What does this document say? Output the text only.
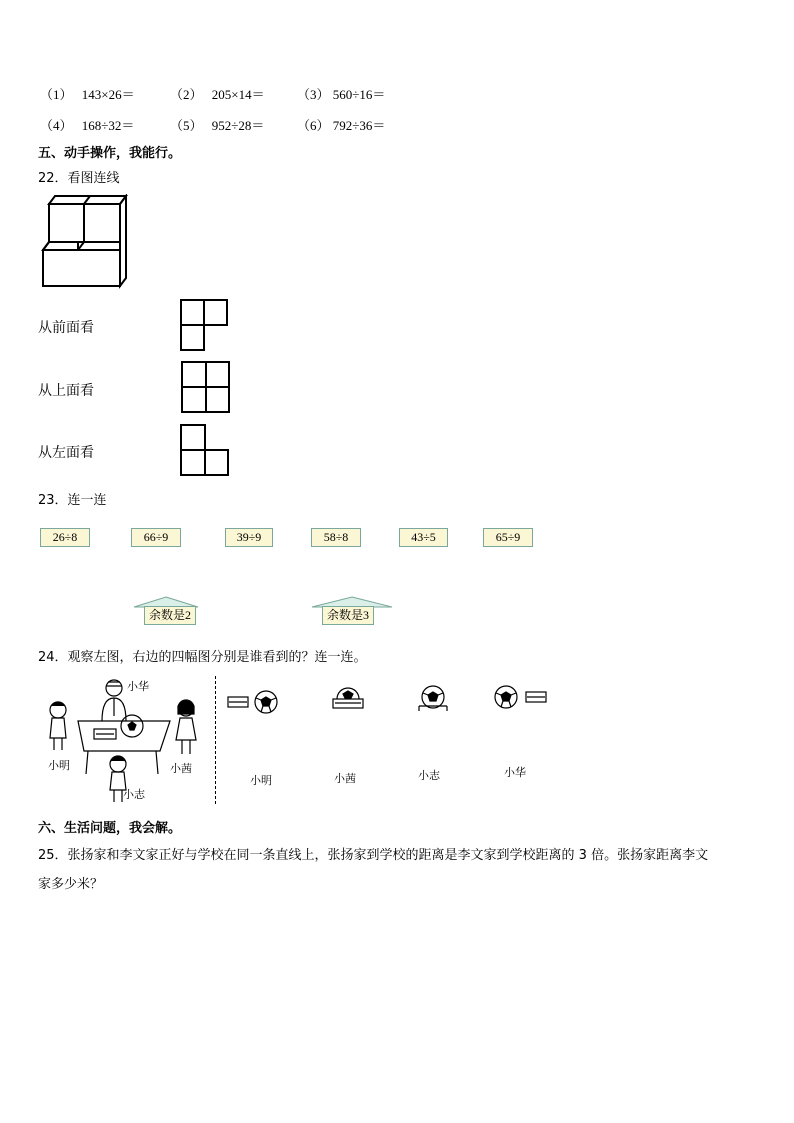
（1） 143×26＝	（2） 205×14＝ （3） 560÷16＝
（4） 168÷32＝	（5） 952÷28＝	（6） 792÷36＝
五、动手操作，我能行。
22．看图连线
从前面看
从上面看
从左面看
23．连一连
26÷8	66÷9	39÷9	58÷8	43÷5	65÷9
余数是2	余数是3
24．观察左图，右边的四幅图分别是谁看到的？连一连。
小华
小明	小茜
小志
小明	小茜	小志	小华
六、生活问题，我会解。
25．张扬家和李文家正好与学校在同一条直线上，张扬家到学校的距离是李文家到学校距离的 3 倍。张扬家距离李文
家多少米？
